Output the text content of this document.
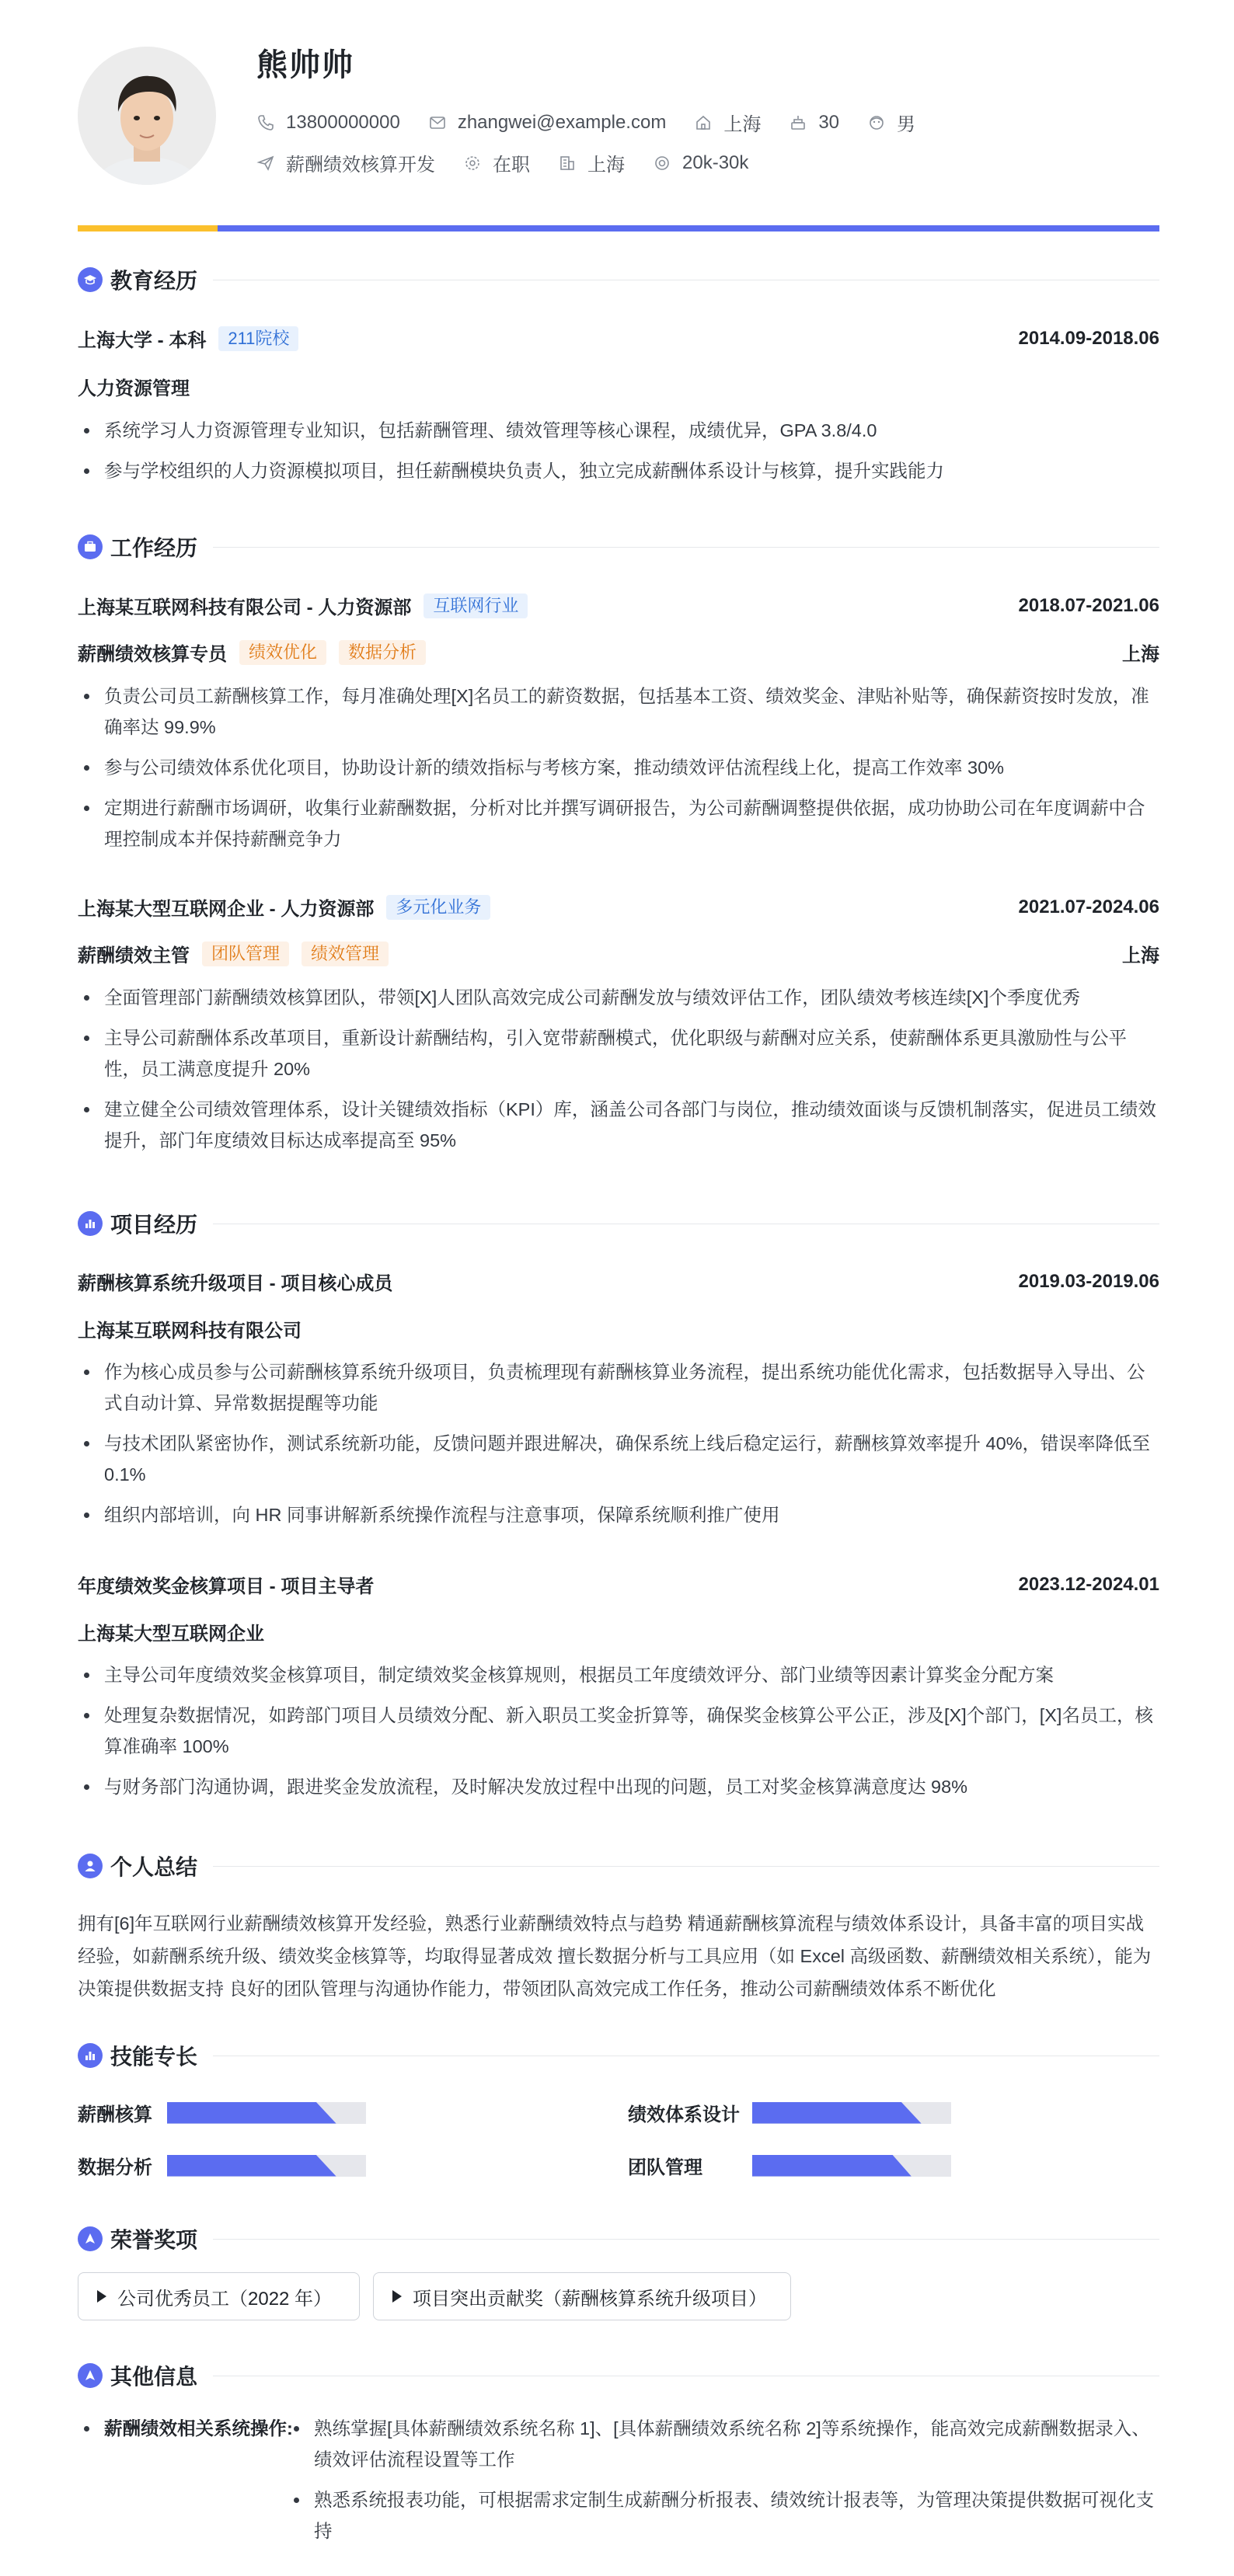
熊帅帅
13800000000	zhangwei@example.com	上海	30	男
薪酬绩效核算开发	在职	上海	20k-30k
教育经历
上海大学 - 本科	211院校	2014.09-2018.06
人力资源管理
系统学习人力资源管理专业知识，包括薪酬管理、绩效管理等核心课程，成绩优异，GPA 3.8/4.0
参与学校组织的人力资源模拟项目，担任薪酬模块负责人，独立完成薪酬体系设计与核算，提升实践能力
工作经历
上海某互联网科技有限公司 - 人力资源部	互联网行业	2018.07-2021.06
薪酬绩效核算专员	绩效优化	数据分析	上海
负责公司员工薪酬核算工作，每月准确处理[X]名员工的薪资数据，包括基本工资、绩效奖金、津贴补贴等，确保薪资按时发放，准确率达 99.9%
参与公司绩效体系优化项目，协助设计新的绩效指标与考核方案，推动绩效评估流程线上化，提高工作效率 30%
定期进行薪酬市场调研，收集行业薪酬数据，分析对比并撰写调研报告，为公司薪酬调整提供依据，成功协助公司在年度调薪中合理控制成本并保持薪酬竞争力
上海某大型互联网企业 - 人力资源部	多元化业务	2021.07-2024.06
薪酬绩效主管	团队管理	绩效管理	上海
全面管理部门薪酬绩效核算团队，带领[X]人团队高效完成公司薪酬发放与绩效评估工作，团队绩效考核连续[X]个季度优秀
主导公司薪酬体系改革项目，重新设计薪酬结构，引入宽带薪酬模式，优化职级与薪酬对应关系，使薪酬体系更具激励性与公平性，员工满意度提升 20%
建立健全公司绩效管理体系，设计关键绩效指标（KPI）库，涵盖公司各部门与岗位，推动绩效面谈与反馈机制落实，促进员工绩效提升，部门年度绩效目标达成率提高至 95%
项目经历
薪酬核算系统升级项目 - 项目核心成员	2019.03-2019.06
上海某互联网科技有限公司
作为核心成员参与公司薪酬核算系统升级项目，负责梳理现有薪酬核算业务流程，提出系统功能优化需求，包括数据导入导出、公式自动计算、异常数据提醒等功能
与技术团队紧密协作，测试系统新功能，反馈问题并跟进解决，确保系统上线后稳定运行，薪酬核算效率提升 40%，错误率降低至 0.1%
组织内部培训，向 HR 同事讲解新系统操作流程与注意事项，保障系统顺利推广使用
年度绩效奖金核算项目 - 项目主导者	2023.12-2024.01
上海某大型互联网企业
主导公司年度绩效奖金核算项目，制定绩效奖金核算规则，根据员工年度绩效评分、部门业绩等因素计算奖金分配方案
处理复杂数据情况，如跨部门项目人员绩效分配、新入职员工奖金折算等，确保奖金核算公平公正，涉及[X]个部门，[X]名员工，核算准确率 100%
与财务部门沟通协调，跟进奖金发放流程，及时解决发放过程中出现的问题，员工对奖金核算满意度达 98%
个人总结
拥有[6]年互联网行业薪酬绩效核算开发经验，熟悉行业薪酬绩效特点与趋势 精通薪酬核算流程与绩效体系设计，具备丰富的项目实战经验，如薪酬系统升级、绩效奖金核算等，均取得显著成效 擅长数据分析与工具应用（如 Excel 高级函数、薪酬绩效相关系统），能为决策提供数据支持 良好的团队管理与沟通协作能力，带领团队高效完成工作任务，推动公司薪酬绩效体系不断优化
技能专长
薪酬核算	绩效体系设计
数据分析	团队管理
荣誉奖项
公司优秀员工（2022 年）	项目突出贡献奖（薪酬核算系统升级项目）
其他信息
薪酬绩效相关系统操作:	熟练掌握[具体薪酬绩效系统名称 1]、[具体薪酬绩效系统名称 2]等系统操作，能高效完成薪酬数据录入、绩效评估流程设置等工作
熟悉系统报表功能，可根据需求定制生成薪酬分析报表、绩效统计报表等，为管理决策提供数据可视化支持
